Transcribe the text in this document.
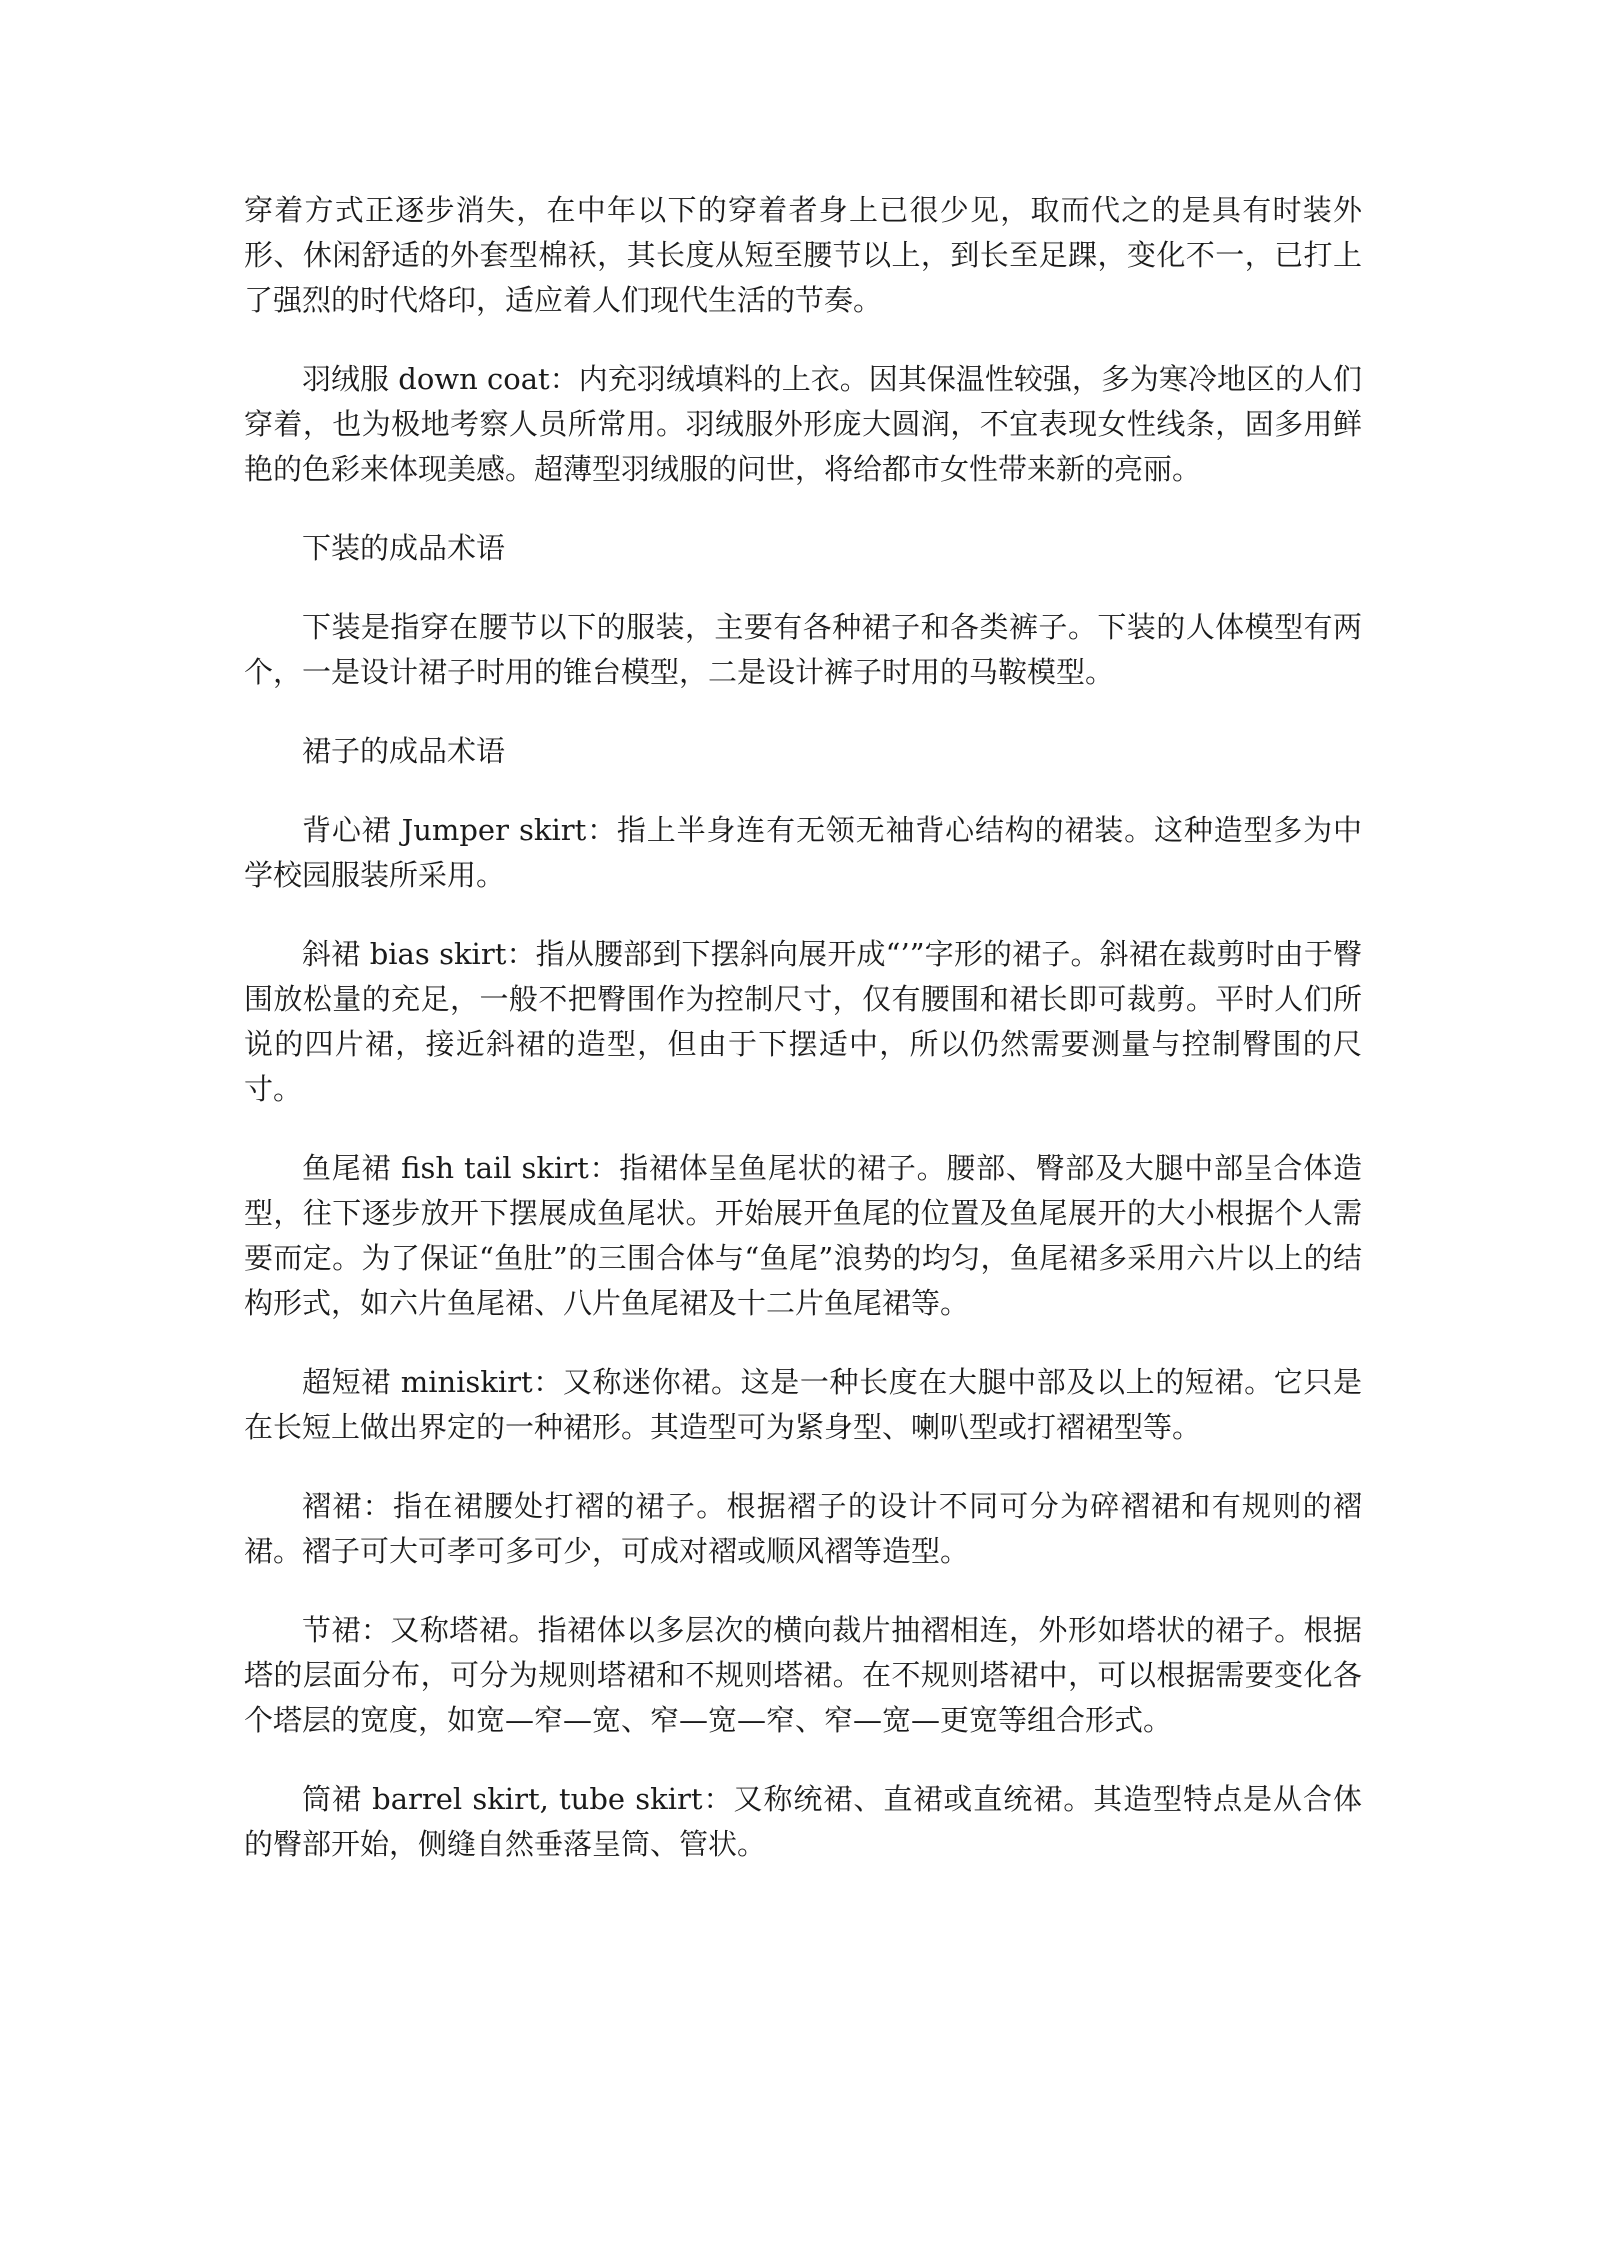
穿着方式正逐步消失，在中年以下的穿着者身上已很少见，取而代之的是具有时装外形、休闲舒适的外套型棉袄，其长度从短至腰节以上，到长至足踝，变化不一，已打上了强烈的时代烙印，适应着人们现代生活的节奏。

羽绒服 down coat：内充羽绒填料的上衣。因其保温性较强，多为寒冷地区的人们穿着，也为极地考察人员所常用。羽绒服外形庞大圆润，不宜表现女性线条，固多用鲜艳的色彩来体现美感。超薄型羽绒服的问世，将给都市女性带来新的亮丽。

下装的成品术语

下装是指穿在腰节以下的服装，主要有各种裙子和各类裤子。下装的人体模型有两个，一是设计裙子时用的锥台模型，二是设计裤子时用的马鞍模型。

裙子的成品术语

背心裙 Jumper skirt：指上半身连有无领无袖背心结构的裙装。这种造型多为中学校园服装所采用。

斜裙 bias skirt：指从腰部到下摆斜向展开成“’”字形的裙子。斜裙在裁剪时由于臀围放松量的充足，一般不把臀围作为控制尺寸，仅有腰围和裙长即可裁剪。平时人们所说的四片裙，接近斜裙的造型，但由于下摆适中，所以仍然需要测量与控制臀围的尺寸。

鱼尾裙 fish tail skirt：指裙体呈鱼尾状的裙子。腰部、臀部及大腿中部呈合体造型，往下逐步放开下摆展成鱼尾状。开始展开鱼尾的位置及鱼尾展开的大小根据个人需要而定。为了保证“鱼肚”的三围合体与“鱼尾”浪势的均匀，鱼尾裙多采用六片以上的结构形式，如六片鱼尾裙、八片鱼尾裙及十二片鱼尾裙等。

超短裙 miniskirt：又称迷你裙。这是一种长度在大腿中部及以上的短裙。它只是在长短上做出界定的一种裙形。其造型可为紧身型、喇叭型或打褶裙型等。

褶裙：指在裙腰处打褶的裙子。根据褶子的设计不同可分为碎褶裙和有规则的褶裙。褶子可大可孝可多可少，可成对褶或顺风褶等造型。

节裙：又称塔裙。指裙体以多层次的横向裁片抽褶相连，外形如塔状的裙子。根据塔的层面分布，可分为规则塔裙和不规则塔裙。在不规则塔裙中，可以根据需要变化各个塔层的宽度，如宽—窄—宽、窄—宽—窄、窄—宽—更宽等组合形式。

筒裙 barrel skirt, tube skirt：又称统裙、直裙或直统裙。其造型特点是从合体的臀部开始，侧缝自然垂落呈筒、管状。
